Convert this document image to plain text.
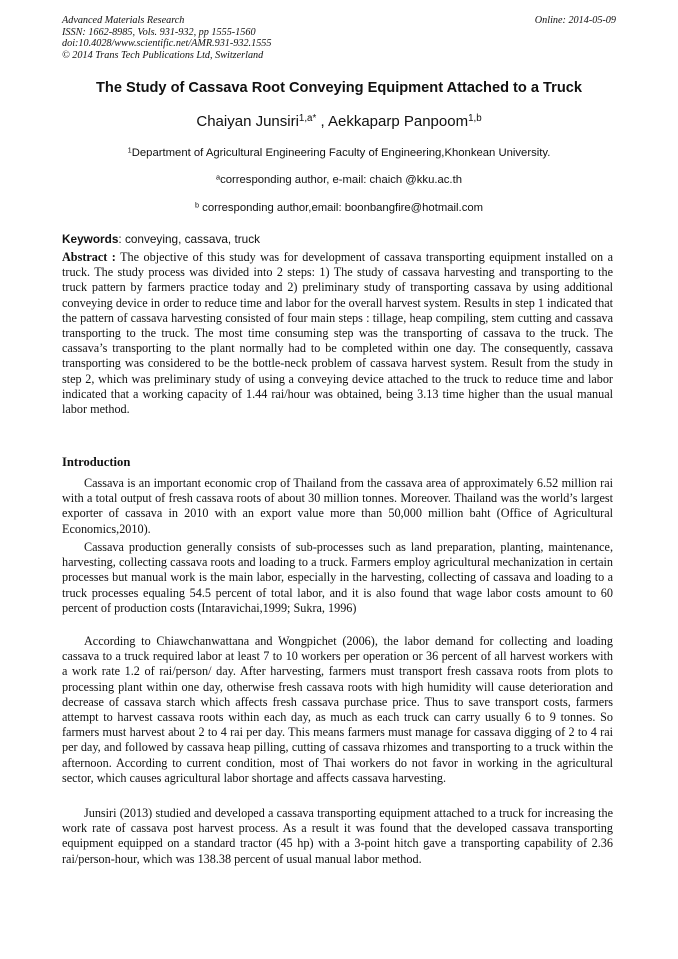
Advanced Materials Research
ISSN: 1662-8985, Vols. 931-932, pp 1555-1560
doi:10.4028/www.scientific.net/AMR.931-932.1555
© 2014 Trans Tech Publications Ltd, Switzerland
Online: 2014-05-09
The Study of Cassava Root Conveying Equipment Attached to a Truck
Chaiyan Junsiri$^{1,a*}$ , Aekkaparp Panpoom$^{1,b}$
$^1$Department of Agricultural Engineering Faculty of Engineering,Khonkean University.
$^a$corresponding author, e-mail: chaich @kku.ac.th
$^b$ corresponding author,email: boonbangfire@hotmail.com
Keywords: conveying, cassava, truck
Abstract : The objective of this study was for development of cassava transporting equipment installed on a truck. The study process was divided into 2 steps: 1) The study of cassava harvesting and transporting to the truck pattern by farmers practice today and 2) preliminary study of transporting cassava by using additional conveying device in order to reduce time and labor for the overall harvest system. Results in step 1 indicated that the pattern of cassava harvesting consisted of four main steps : tillage, heap compiling, stem cutting and cassava transporting to the truck. The most time consuming step was the transporting of cassava to the truck. The cassava’s transporting to the plant normally had to be completed within one day. The consequently, cassava transporting was considered to be the bottle-neck problem of cassava harvest system. Result from the study in step 2, which was preliminary study of using a conveying device attached to the truck to reduce time and labor indicated that a working capacity of 1.44 rai/hour was obtained, being 3.13 time higher than the usual manual labor method.
Introduction
Cassava is an important economic crop of Thailand from the cassava area of approximately 6.52 million rai with a total output of fresh cassava roots of about 30 million tonnes. Moreover. Thailand was the world’s largest exporter of cassava in 2010 with an export value more than 50,000 million baht (Office of Agricultural Economics,2010).
Cassava production generally consists of sub-processes such as land preparation, planting, maintenance, harvesting, collecting cassava roots and loading to a truck. Farmers employ agricultural mechanization in certain processes but manual work is the main labor, especially in the harvesting, collecting of cassava and loading to a truck processes equaling 54.5 percent of total labor, and it is also found that wage labor costs amount to 60 percent of production costs (Intaravichai,1999; Sukra, 1996)
According to Chiawchanwattana and Wongpichet (2006), the labor demand for collecting and loading cassava to a truck required labor at least 7 to 10 workers per operation or 36 percent of all harvest workers with a work rate 1.2 of rai/person/ day. After harvesting, farmers must transport fresh cassava roots from plots to processing plant within one day, otherwise fresh cassava roots with high humidity will cause deterioration and decrease of cassava starch which affects fresh cassava purchase price. Thus to save transport costs, farmers attempt to harvest cassava roots within each day, as much as each truck can carry usually 6 to 9 tonnes. So farmers must harvest about 2 to 4 rai per day. This means farmers must manage for cassava digging of 2 to 4 rai per day, and followed by cassava heap pilling, cutting of cassava rhizomes and transporting to a truck within the afternoon. According to current condition, most of Thai workers do not favor in working in the agricultural sector, which causes agricultural labor shortage and affects cassava harvesting.
Junsiri (2013) studied and developed a cassava transporting equipment attached to a truck for increasing the work rate of cassava post harvest process. As a result it was found that the developed cassava transporting equipment equipped on a standard tractor (45 hp) with a 3-point hitch gave a transporting capability of 2.36 rai/person-hour, which was 138.38 percent of usual manual labor method.
